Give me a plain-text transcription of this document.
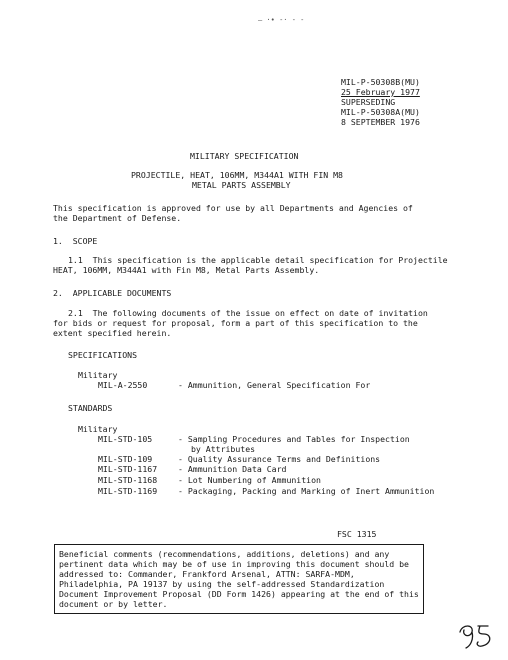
— ·• -· - -
MIL-P-50308B(MU)
25 February 1977
SUPERSEDING
MIL-P-50308A(MU)
8 SEPTEMBER 1976
MILITARY SPECIFICATION
PROJECTILE, HEAT, 106MM, M344A1 WITH FIN M8
METAL PARTS ASSEMBLY
This specification is approved for use by all Departments and Agencies of
the Department of Defense.
1.  SCOPE
1.1  This specification is the applicable detail specification for Projectile
HEAT, 106MM, M344A1 with Fin M8, Metal Parts Assembly.
2.  APPLICABLE DOCUMENTS
2.1  The following documents of the issue on effect on date of invitation
for bids or request for proposal, form a part of this specification to the
extent specified herein.
SPECIFICATIONS
Military
MIL-A-2550	- Ammunition, General Specification For
STANDARDS
Military
MIL-STD-105	- Sampling Procedures and Tables for Inspection
by Attributes
MIL-STD-109	- Quality Assurance Terms and Definitions
MIL-STD-1167	- Ammunition Data Card
MIL-STD-1168	- Lot Numbering of Ammunition
MIL-STD-1169	- Packaging, Packing and Marking of Inert Ammunition
FSC 1315
Beneficial comments (recommendations, additions, deletions) and any pertinent data which may be of use in improving this document should be addressed to: Commander, Frankford Arsenal, ATTN: SARFA-MDM, Philadelphia, PA 19137 by using the self-addressed Standardization Document Improvement Proposal (DD Form 1426) appearing at the end of this document or by letter.
